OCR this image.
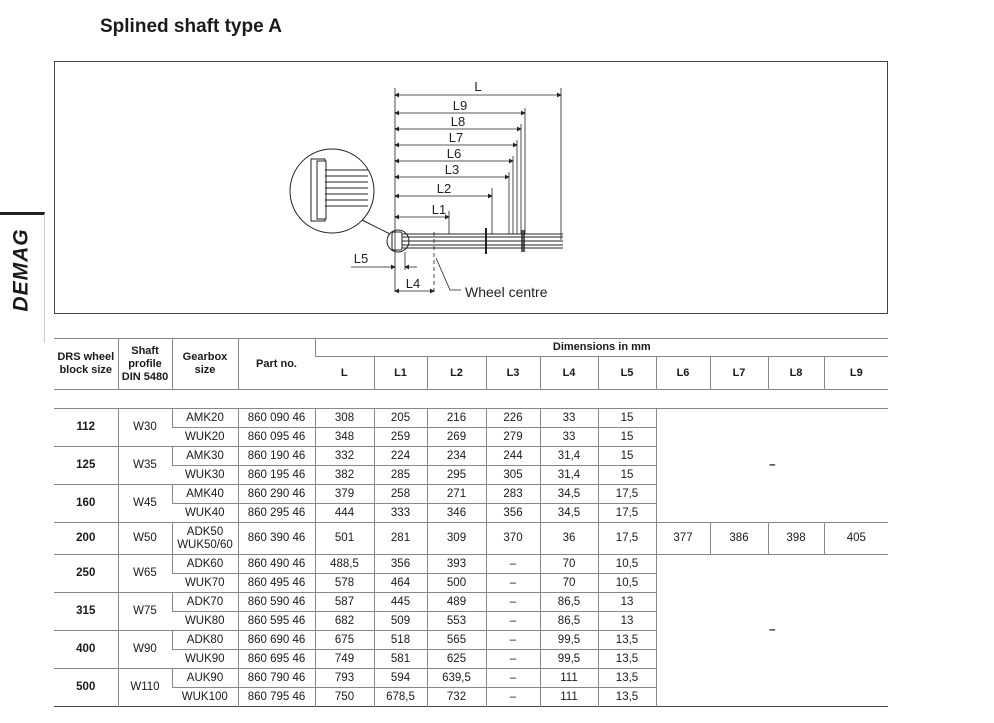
Splined shaft type A
DEMAG
L
L9
L8
L7
L6
L3
L2
L1
L5
L4
Wheel centre
DRS wheel block size	Shaft profile DIN 5480	Gearbox size	Part no.	Dimensions in mm									
				L	L1	L2	L3	L4	L5	L6	L7	L8	L9

112	W30	AMK20	860 090 46	308	205	216	226	33	15	–			
		WUK20	860 095 46	348	259	269	279	33	15				
125	W35	AMK30	860 190 46	332	224	234	244	31,4	15				
		WUK30	860 195 46	382	285	295	305	31,4	15				
160	W45	AMK40	860 290 46	379	258	271	283	34,5	17,5				
		WUK40	860 295 46	444	333	346	356	34,5	17,5				
200	W50	ADK50 WUK50/60	860 390 46	501	281	309	370	36	17,5	377	386	398	405
250	W65	ADK60	860 490 46	488,5	356	393	–	70	10,5	–			
		WUK70	860 495 46	578	464	500	–	70	10,5				
315	W75	ADK70	860 590 46	587	445	489	–	86,5	13				
		WUK80	860 595 46	682	509	553	–	86,5	13				
400	W90	ADK80	860 690 46	675	518	565	–	99,5	13,5				
		WUK90	860 695 46	749	581	625	–	99,5	13,5				
500	W110	AUK90	860 790 46	793	594	639,5	–	111	13,5				
		WUK100	860 795 46	750	678,5	732	–	111	13,5				
